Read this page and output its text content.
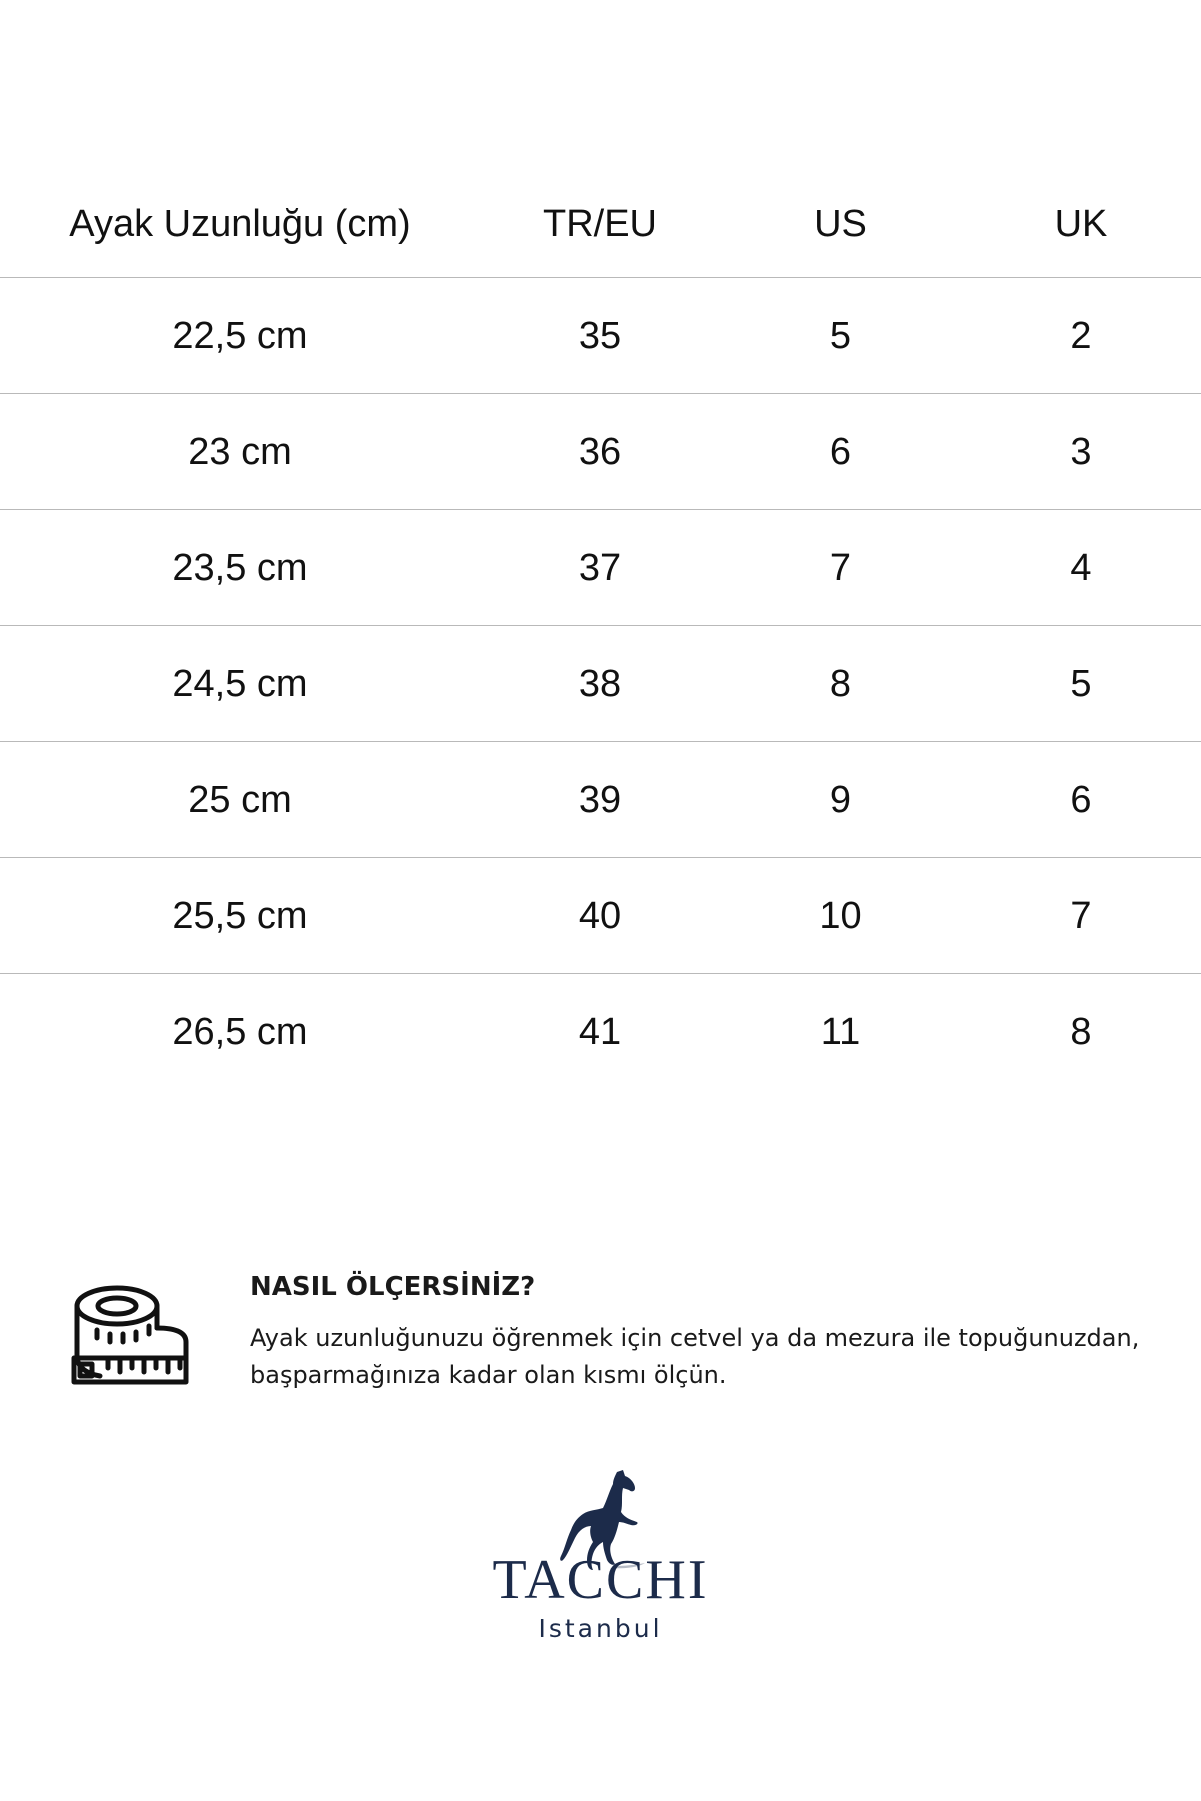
Ayak Uzunluğu (cm)	TR/EU	US	UK
22,5 cm	35	5	2
23 cm	36	6	3
23,5 cm	37	7	4
24,5 cm	38	8	5
25 cm	39	9	6
25,5 cm	40	10	7
26,5 cm	41	11	8
NASIL ÖLÇERSİNİZ?
Ayak uzunluğunuzu öğrenmek için cetvel ya da mezura ile topuğunuzdan, başparmağınıza kadar olan kısmı ölçün.
TACCHI
Istanbul
